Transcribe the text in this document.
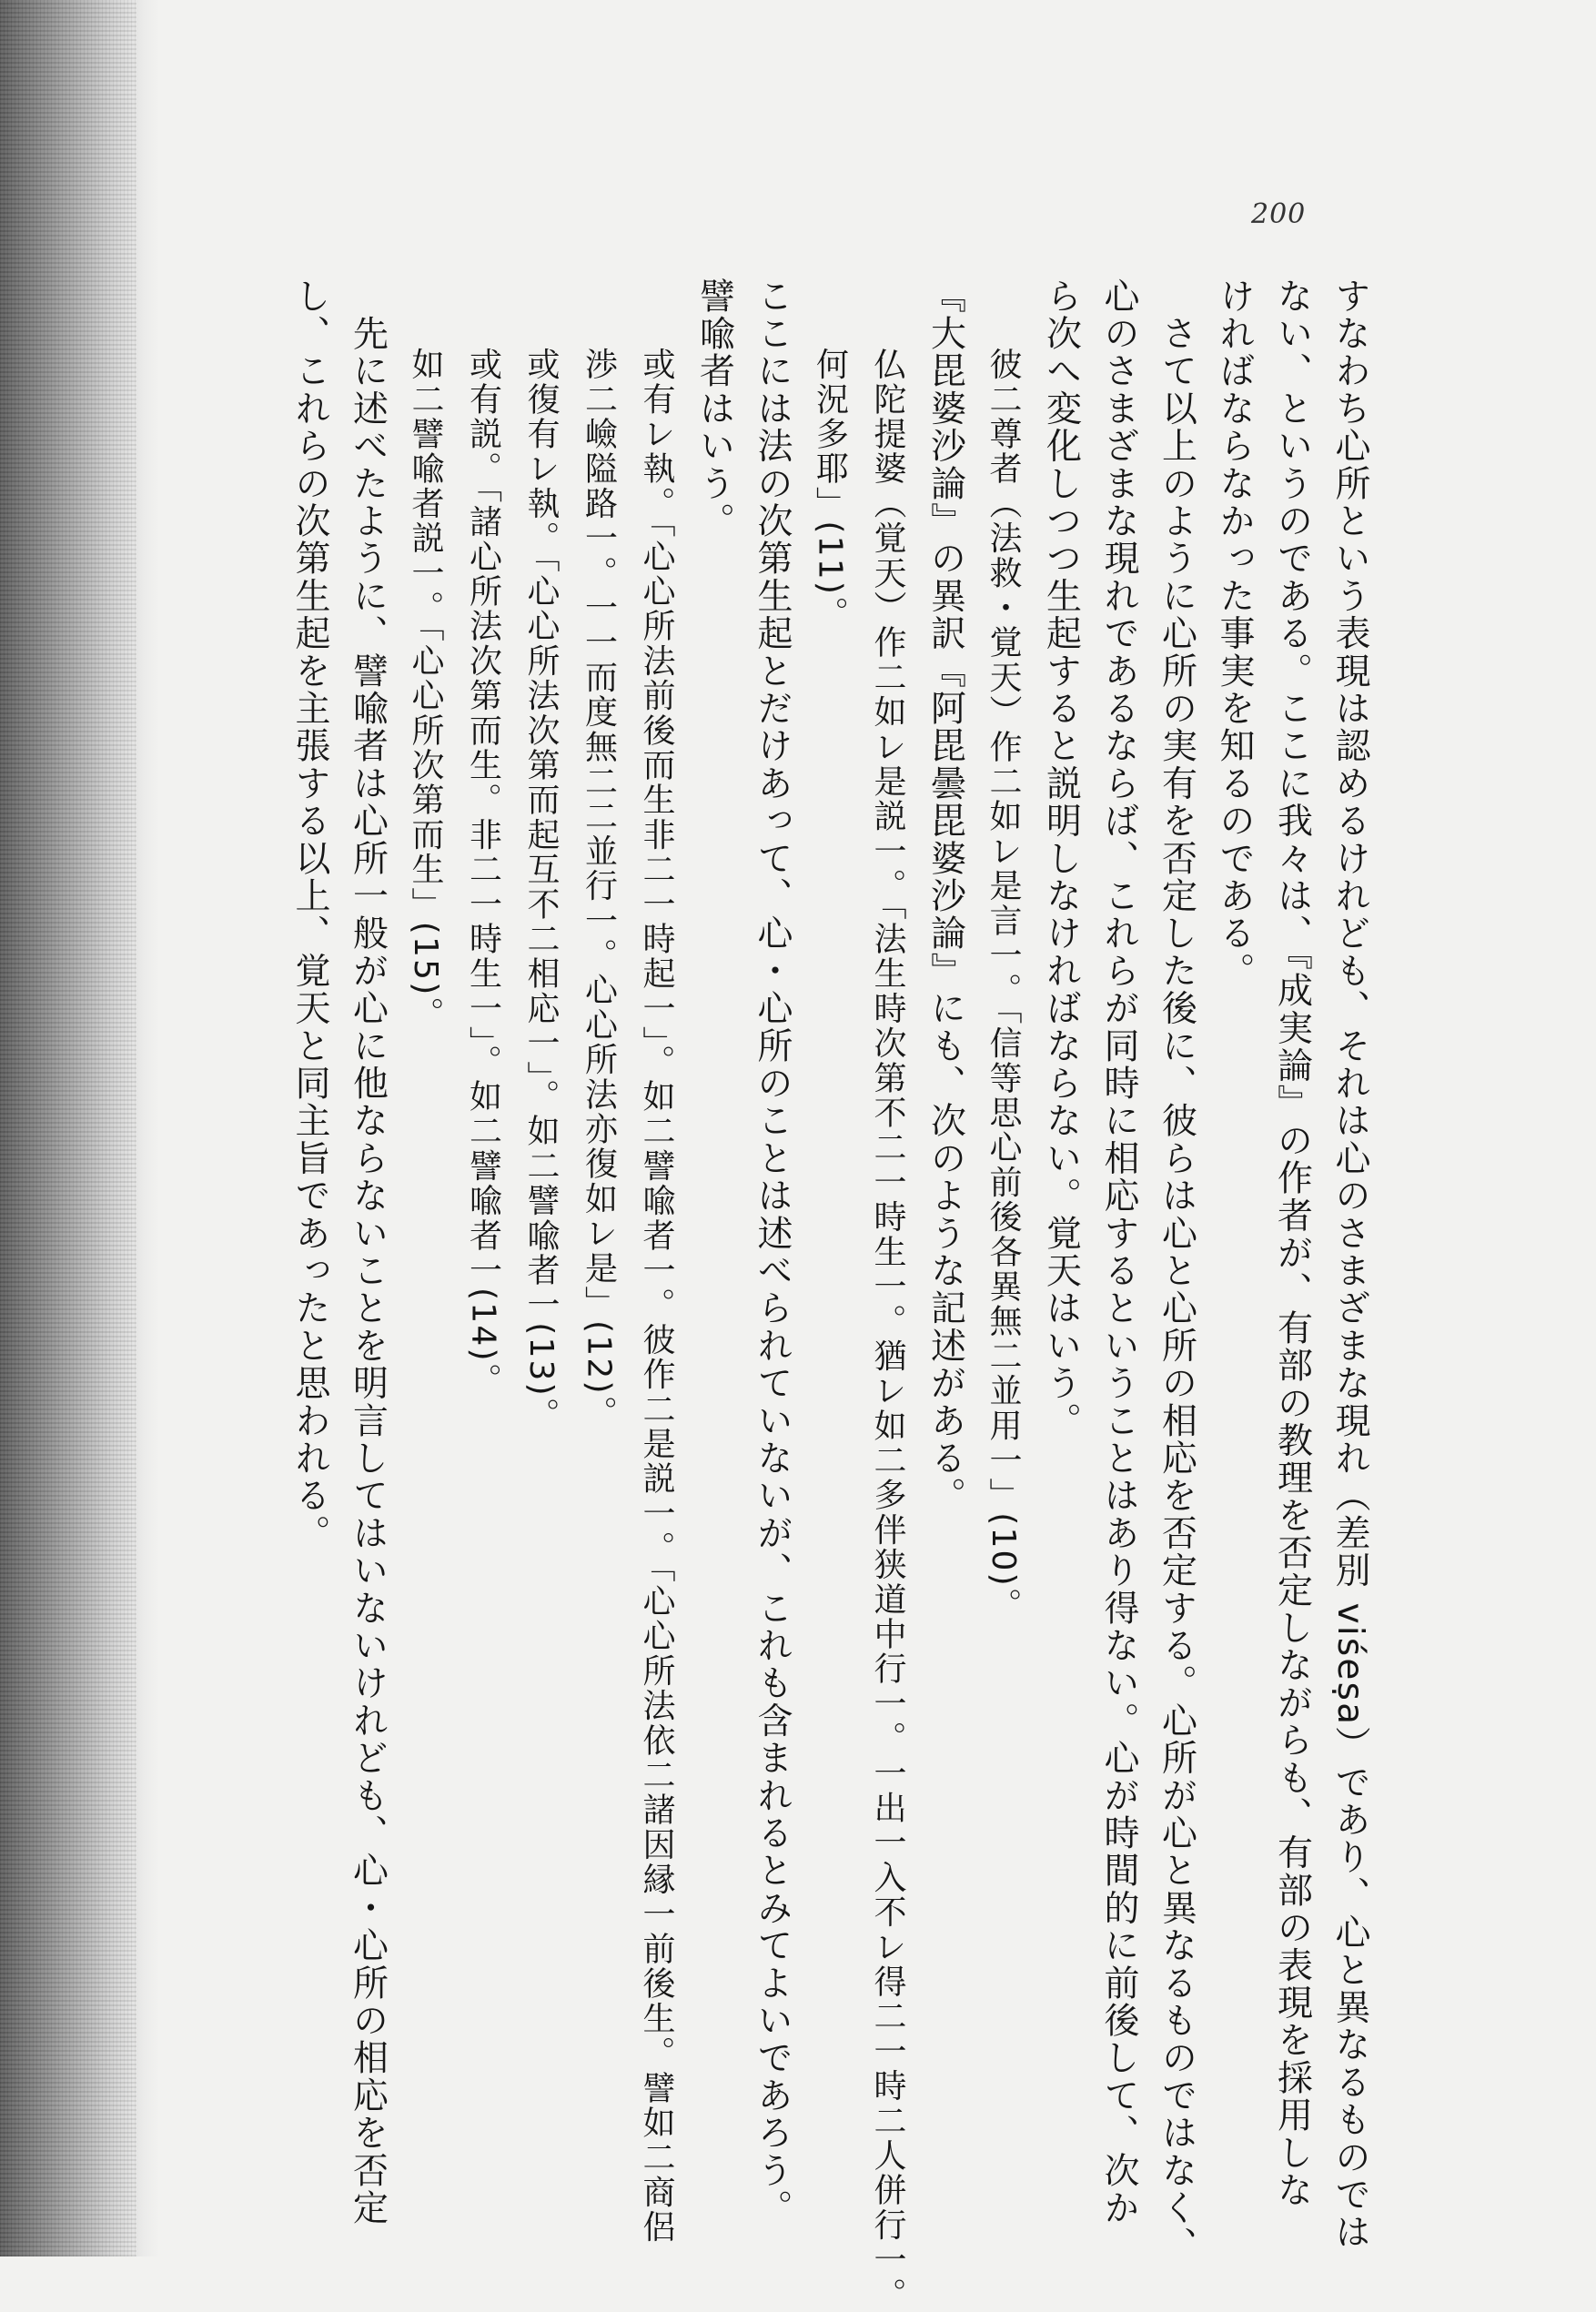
200

すなわち心所という表現は認めるけれども、それは心のさまざまな現れ（差別 viśeṣa）であり、心と異なるものでは

ない、というのである。ここに我々は、『成実論』の作者が、有部の教理を否定しながらも、有部の表現を採用しな

ければならなかった事実を知るのである。

　さて以上のように心所の実有を否定した後に、彼らは心と心所の相応を否定する。心所が心と異なるものではなく、

心のさまざまな現れであるならば、これらが同時に相応するということはあり得ない。心が時間的に前後して、次か

ら次へ変化しつつ生起すると説明しなければならない。覚天はいう。

　　彼二尊者（法救・覚天）作二如レ是言一。「信等思心前後各異無二並用一」(10)。

『大毘婆沙論』の異訳『阿毘曇毘婆沙論』にも、次のような記述がある。

　　仏陀提婆（覚天）作二如レ是説一。「法生時次第不二一時生一。猶レ如二多伴狭道中行一。一出一入不レ得二一時二人併行一。

　　何況多耶」(11)。

ここには法の次第生起とだけあって、心・心所のことは述べられていないが、これも含まれるとみてよいであろう。

譬喩者はいう。

　　或有レ執。「心心所法前後而生非二一時起一」。如二譬喩者一。彼作二是説一。「心心所法依二諸因縁一前後生。譬如二商侶

　　渉二嶮隘路一。一一而度無二二並行一。心心所法亦復如レ是」(12)。

　　或復有レ執。「心心所法次第而起互不二相応一」。如二譬喩者一(13)。

　　或有説。「諸心所法次第而生。非二一時生一」。如二譬喩者一(14)。

　　如二譬喩者説一。「心心所次第而生」(15)。

　先に述べたように、譬喩者は心所一般が心に他ならないことを明言してはいないけれども、心・心所の相応を否定

し、これらの次第生起を主張する以上、覚天と同主旨であったと思われる。
